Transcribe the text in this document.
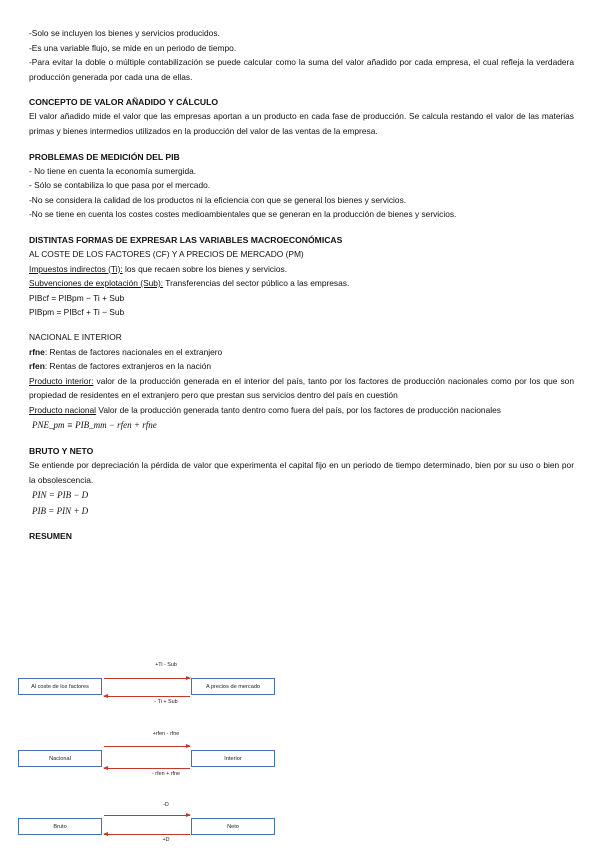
-Solo se incluyen los bienes y servicios producidos.

-Es una variable flujo, se mide en un periodo de tiempo.

-Para evitar la doble o múltiple contabilización se puede calcular como la suma del valor añadido por cada empresa, el cual refleja la verdadera producción generada por cada una de ellas.

CONCEPTO DE VALOR AÑADIDO Y CÁLCULO

El valor añadido mide el valor que las empresas aportan a un producto en cada fase de producción. Se calcula restando el valor de las materias primas y bienes intermedios utilizados en la producción del valor de las ventas de la empresa.

PROBLEMAS DE MEDICIÓN DEL PIB

- No tiene en cuenta la economía sumergida.

- Sólo se contabiliza lo que pasa por el mercado.

-No se considera la calidad de los productos ni la eficiencia con que se general los bienes y servicios.

-No se tiene en cuenta los costes costes medioambientales que se generan en la producción de bienes y servicios.

DISTINTAS FORMAS DE EXPRESAR LAS VARIABLES MACROECONÓMICAS

AL COSTE DE LOS FACTORES (CF) Y A PRECIOS DE MERCADO (PM)

Impuestos indirectos (Ti): los que recaen sobre los bienes y servicios.

Subvenciones de explotación (Sub): Transferencias del sector público a las empresas.

PIBcf = PIBpm − Ti + Sub

PIBpm = PIBcf + Ti − Sub

NACIONAL E INTERIOR

rfne: Rentas de factores nacionales en el extranjero

rfen: Rentas de factores extranjeros en la nación

Producto interior: valor de la producción generada en el interior del país, tanto por los factores de producción nacionales como por los que son propiedad de residentes en el extranjero pero que prestan sus servicios dentro del país en cuestión

Producto nacional Valor de la producción generada tanto dentro como fuera del país, por los factores de producción nacionales

PNE_pm ≡ PIB_mm − rfen + rfne
BRUTO Y NETO

Se entiende por depreciación la pérdida de valor que experimenta el capital fijo en un periodo de tiempo determinado, bien por su uso o bien por la obsolescencia.

PIN = PIB − D
PIB = PIN + D
RESUMEN
+Ti - Sub
Al coste de los factores	A precios de mercado
- Ti + Sub
+rfen - rfne
Nacional	Interior
- rfen + rfne
-D
Bruto	Neto
+D
